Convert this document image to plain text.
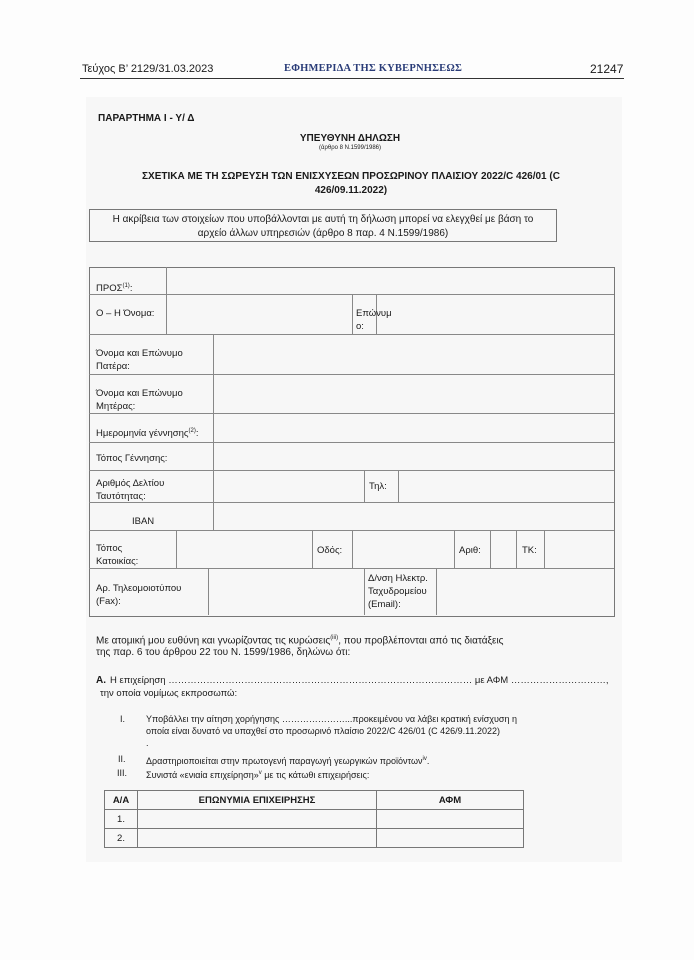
Τεύχος Β’ 2129/31.03.2023	ΕΦΗΜΕΡΙΔΑ ΤΗΣ ΚΥΒΕΡΝΗΣΕΩΣ	21247
ΠΑΡΑΡΤΗΜΑ Ι - Υ/ Δ
ΥΠΕΥΘΥΝΗ ΔΗΛΩΣΗ
(άρθρο 8 Ν.1599/1986)
ΣΧΕΤΙΚΑ ΜΕ ΤΗ ΣΩΡΕΥΣΗ ΤΩΝ ΕΝΙΣΧΥΣΕΩΝ ΠΡΟΣΩΡΙΝΟΥ ΠΛΑΙΣΙΟΥ 2022/C 426/01 (C
426/09.11.2022)
Η ακρίβεια των στοιχείων που υποβάλλονται με αυτή τη δήλωση μπορεί να ελεγχθεί με βάση το
αρχείο άλλων υπηρεσιών (άρθρο 8 παρ. 4 Ν.1599/1986)
ΠΡΟΣ$^{(1)}$:
Ο – Η Όνομα:	Επώνυμ
ο:
Όνομα και Επώνυμο
Πατέρα:
Όνομα και Επώνυμο
Μητέρας:
Ημερομηνία γέννησης$^{(2)}$:
Τόπος Γέννησης:
Αριθμός Δελτίου
Ταυτότητας:
Τηλ:
IBAN
Τόπος
Κατοικίας:
Οδός:	Αριθ:	ΤΚ:
Αρ. Τηλεομοιοτύπου
(Fax):
Δ/νση Ηλεκτρ.
Ταχυδρομείου
(Email):
Με ατομική μου ευθύνη και γνωρίζοντας τις κυρώσεις$^{(iii)}$, που προβλέπονται από τις διατάξεις
της παρ. 6 του άρθρου 22 του Ν. 1599/1986, δηλώνω ότι:
Α. Η επιχείρηση …………………………………………………………………………………… με ΑΦΜ …………………………,
την οποία νομίμως εκπροσωπώ:
Ι. Υποβάλλει την αίτηση χορήγησης …………………...προκειμένου να λάβει κρατική ενίσχυση η
οποία είναι δυνατό να υπαχθεί στο προσωρινό πλαίσιο 2022/C 426/01 (C 426/9.11.2022)
.
ΙΙ. Δραστηριοποιείται στην πρωτογενή παραγωγή γεωργικών προϊόντων$^{iv}$.
ΙΙΙ. Συνιστά «ενιαία επιχείρηση»$^v$ με τις κάτωθι επιχειρήσεις:
Α/Α	ΕΠΩΝΥΜΙΑ ΕΠΙΧΕΙΡΗΣΗΣ	ΑΦΜ
1.		
2.		
